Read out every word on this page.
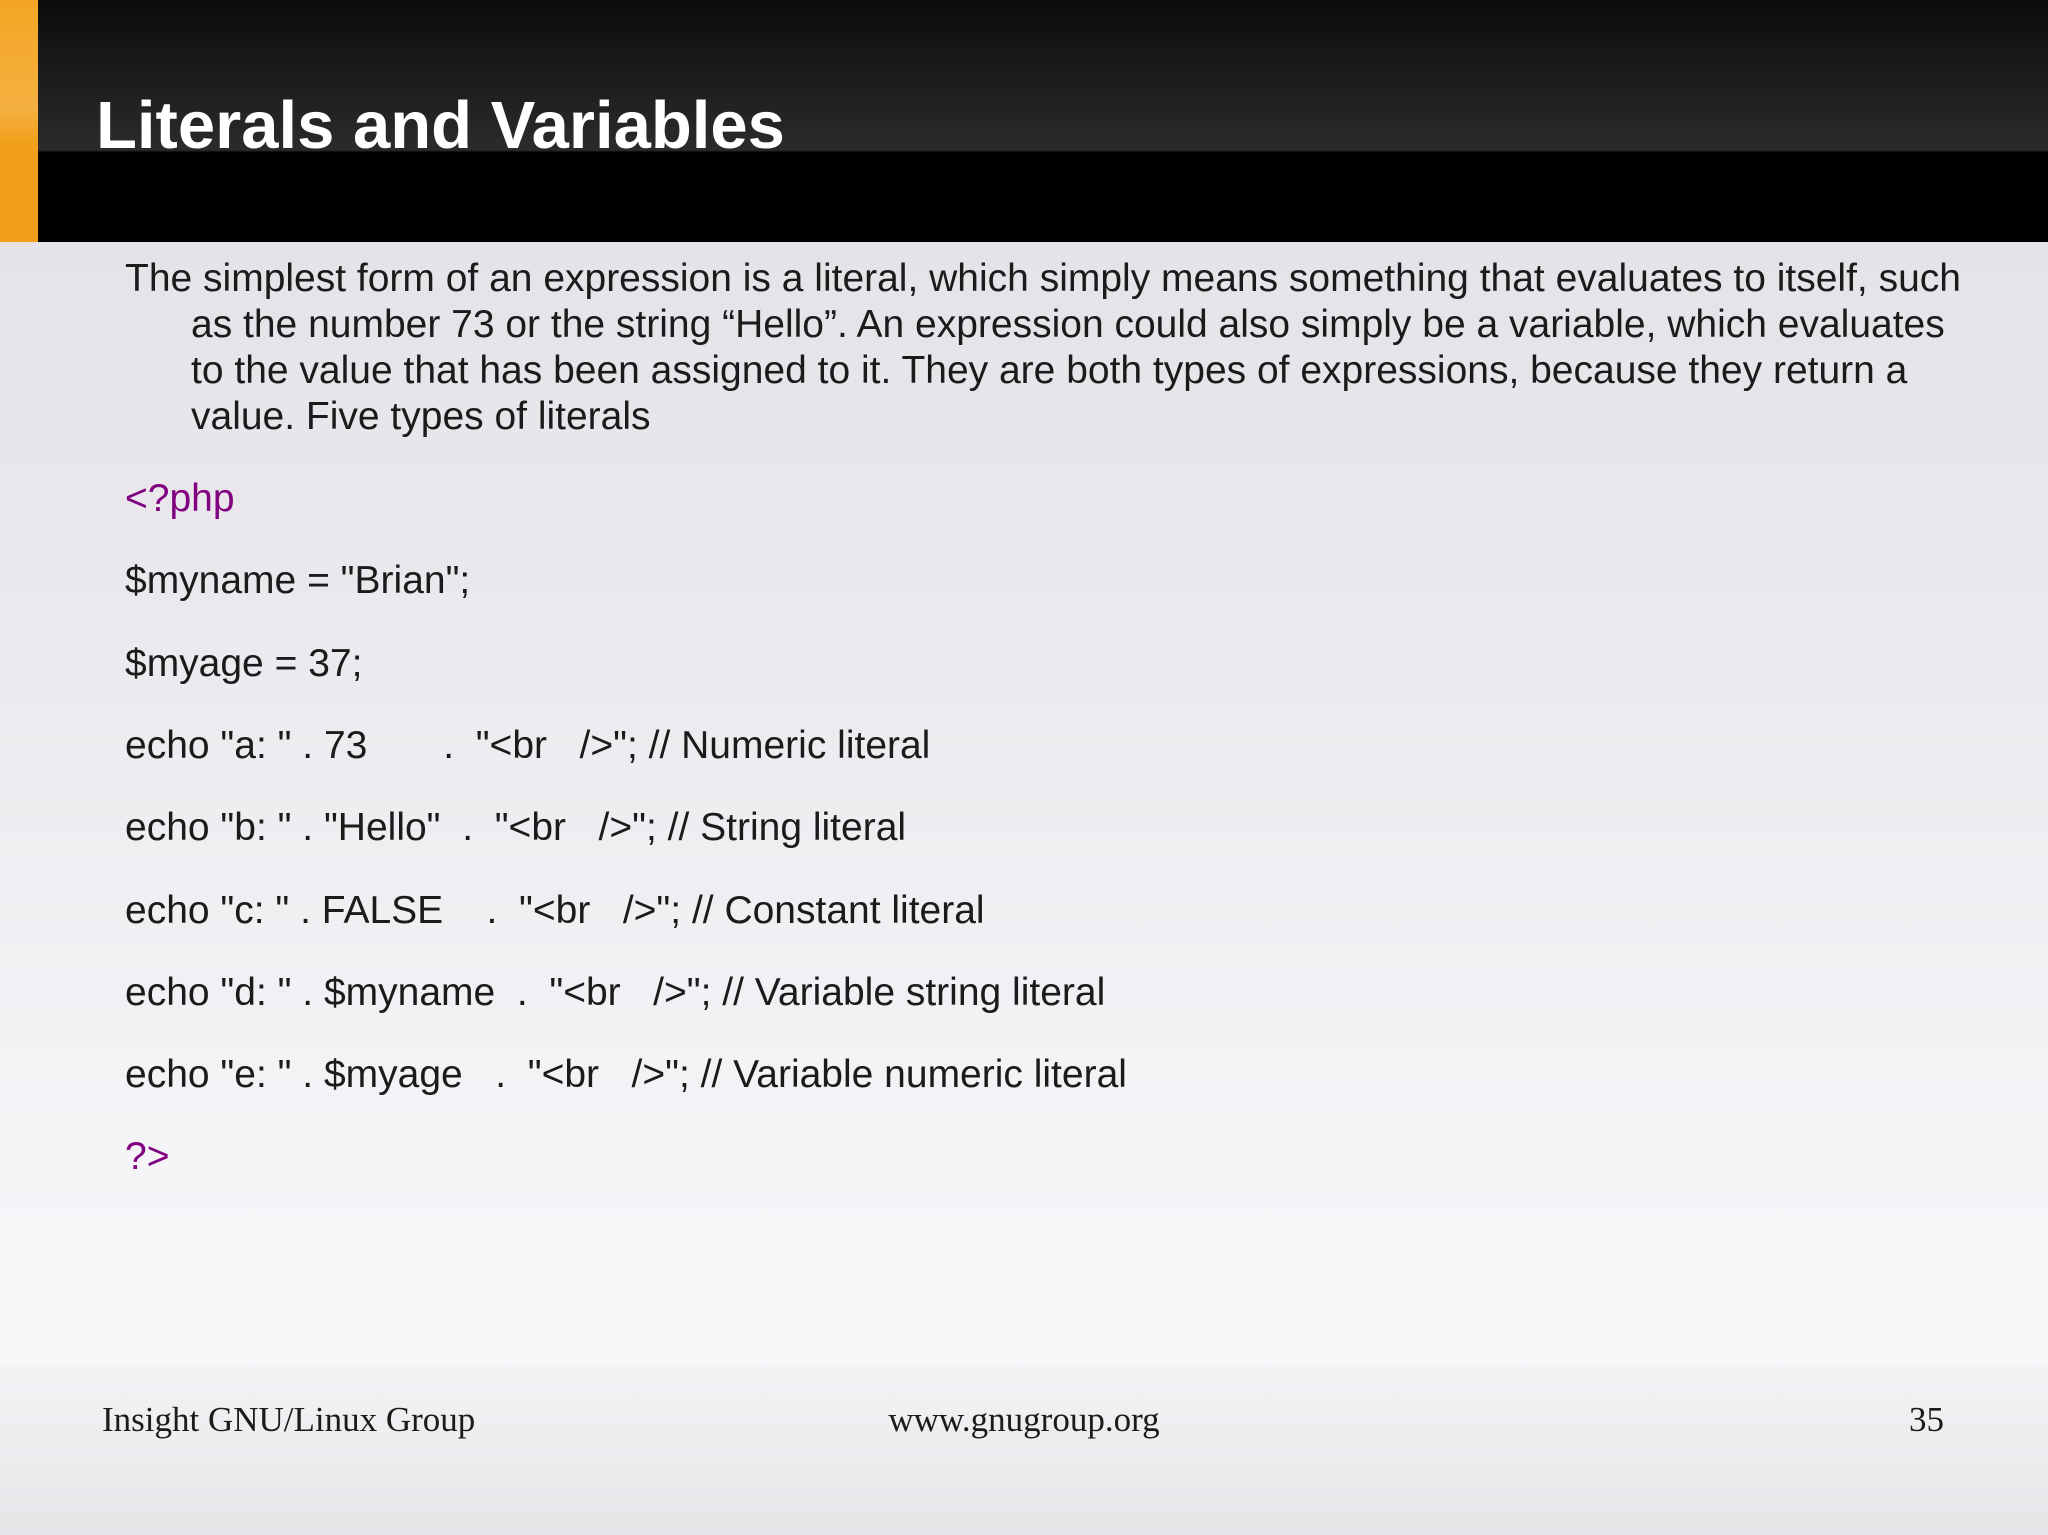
Literals and Variables

The simplest form of an expression is a literal, which simply means something that evaluates to itself, such as the number 73 or the string “Hello”. An expression could also simply be a variable, which evaluates to the value that has been assigned to it. They are both types of expressions, because they return a value. Five types of literals

<?php

$myname = "Brian";

$myage = 37;

echo "a: " . 73       .  "<br   />"; // Numeric literal

echo "b: " . "Hello"  .  "<br   />"; // String literal

echo "c: " . FALSE    .  "<br   />"; // Constant literal

echo "d: " . $myname  .  "<br   />"; // Variable string literal

echo "e: " . $myage   .  "<br   />"; // Variable numeric literal

?>

Insight GNU/Linux Group	www.gnugroup.org	35
